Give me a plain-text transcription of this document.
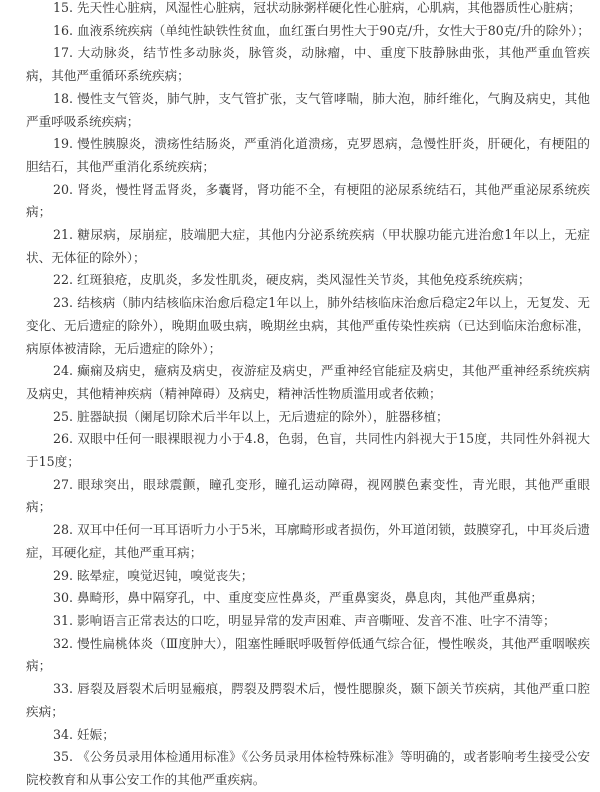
15. 先天性心脏病，风湿性心脏病，冠状动脉粥样硬化性心脏病，心肌病，其他器质性心脏病；

16. 血液系统疾病（单纯性缺铁性贫血，血红蛋白男性大于90克/升，女性大于80克/升的除外）；

17. 大动脉炎，结节性多动脉炎，脉管炎，动脉瘤，中、重度下肢静脉曲张，其他严重血管疾病，其他严重循环系统疾病；

18. 慢性支气管炎，肺气肿，支气管扩张，支气管哮喘，肺大泡，肺纤维化，气胸及病史，其他严重呼吸系统疾病；

19. 慢性胰腺炎，溃疡性结肠炎，严重消化道溃疡，克罗恩病，急慢性肝炎，肝硬化，有梗阻的胆结石，其他严重消化系统疾病；

20. 肾炎，慢性肾盂肾炎，多囊肾，肾功能不全，有梗阻的泌尿系统结石，其他严重泌尿系统疾病；

21. 糖尿病，尿崩症，肢端肥大症，其他内分泌系统疾病（甲状腺功能亢进治愈1年以上，无症状、无体征的除外）；

22. 红斑狼疮，皮肌炎，多发性肌炎，硬皮病，类风湿性关节炎，其他免疫系统疾病；

23. 结核病（肺内结核临床治愈后稳定1年以上，肺外结核临床治愈后稳定2年以上，无复发、无变化、无后遗症的除外），晚期血吸虫病，晚期丝虫病，其他严重传染性疾病（已达到临床治愈标准，病原体被清除，无后遗症的除外）；

24. 癫痫及病史，癔病及病史，夜游症及病史，严重神经官能症及病史，其他严重神经系统疾病及病史，其他精神疾病（精神障碍）及病史，精神活性物质滥用或者依赖；

25. 脏器缺损（阑尾切除术后半年以上，无后遗症的除外），脏器移植；

26. 双眼中任何一眼裸眼视力小于4.8，色弱，色盲，共同性内斜视大于15度，共同性外斜视大于15度；

27. 眼球突出，眼球震颤，瞳孔变形，瞳孔运动障碍，视网膜色素变性，青光眼，其他严重眼病；

28. 双耳中任何一耳耳语听力小于5米，耳廓畸形或者损伤，外耳道闭锁，鼓膜穿孔，中耳炎后遗症，耳硬化症，其他严重耳病；

29. 眩晕症，嗅觉迟钝，嗅觉丧失；

30. 鼻畸形，鼻中隔穿孔，中、重度变应性鼻炎，严重鼻窦炎，鼻息肉，其他严重鼻病；

31. 影响语言正常表达的口吃，明显异常的发声困难、声音嘶哑、发音不准、吐字不清等；

32. 慢性扁桃体炎（Ⅲ度肿大），阻塞性睡眠呼吸暂停低通气综合征，慢性喉炎，其他严重咽喉疾病；

33. 唇裂及唇裂术后明显瘢痕，腭裂及腭裂术后，慢性腮腺炎，颞下颌关节疾病，其他严重口腔疾病；

34. 妊娠；

35. 《公务员录用体检通用标准》《公务员录用体检特殊标准》等明确的，或者影响考生接受公安院校教育和从事公安工作的其他严重疾病。
